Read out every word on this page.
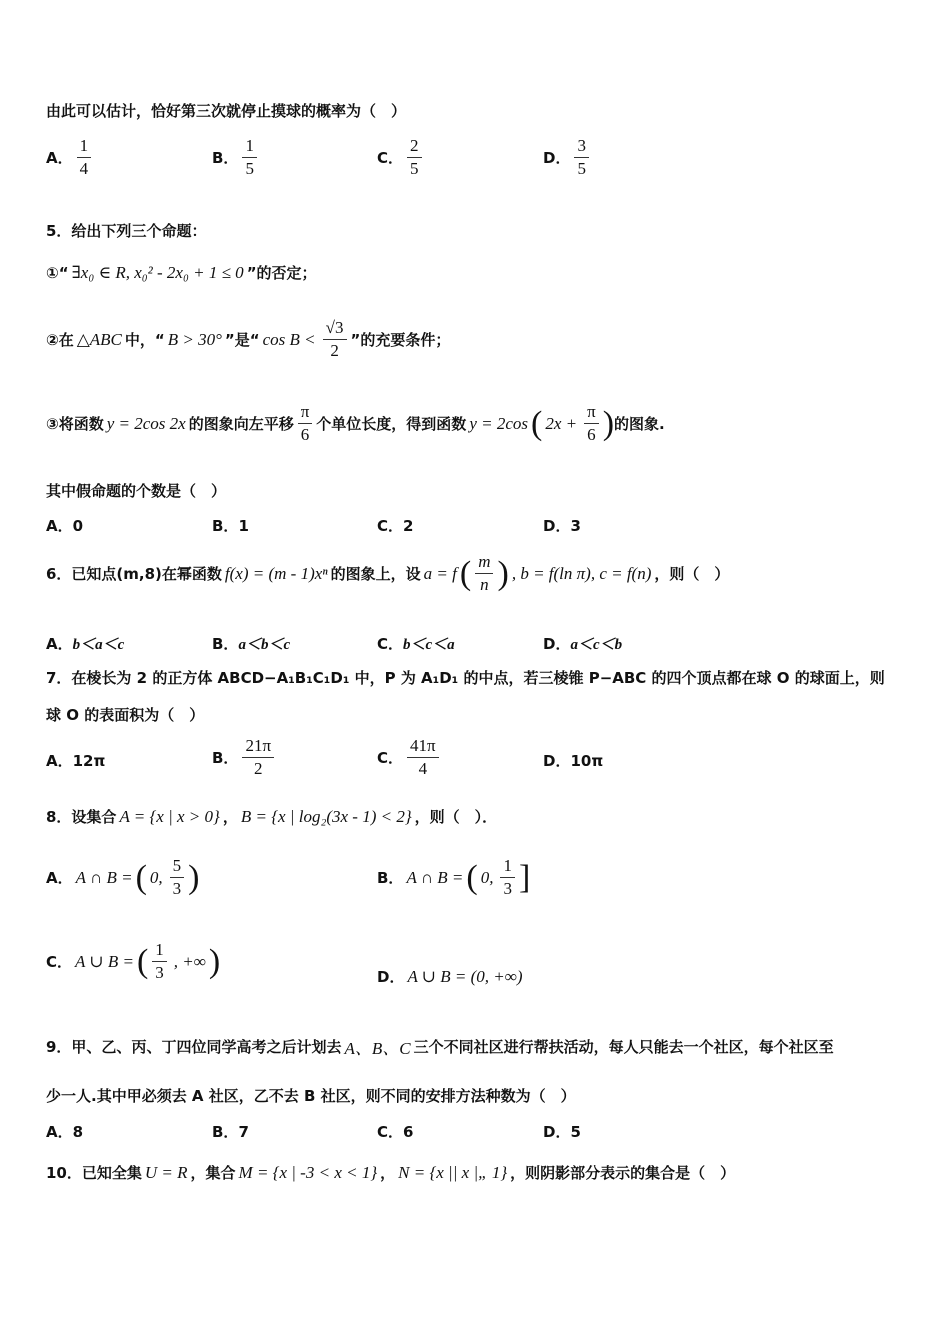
由此可以估计，恰好第三次就停止摸球的概率为（　）
A． $\frac{1}{4}$	B． $\frac{1}{5}$	C． $\frac{2}{5}$	D． $\frac{3}{5}$
5．给出下列三个命题：
①“ ∃x₀ ∈ R, x₀² - 2x₀ + 1 ≤ 0 ”的否定；
②在 △ABC 中，“ B > 30° ”是“ $\cos B < \frac{√3}{2}$ ”的充要条件；
③将函数 y = 2cos 2x 的图象向左平移 $\frac{\pi}{6}$ 个单位长度，得到函数 y = 2cos ( $2x + \frac{\pi}{6}$ ) 的图象.
其中假命题的个数是（　）
A． 0	B． 1	C． 2	D． 3
6．已知点(m,8)在幂函数 f(x) = (m - 1)xⁿ 的图象上，设 a = f ( $\frac{m}{n}$ ) , b = f(ln π), c = f(n) ，则（　）
A． b＜a＜c	B． a＜b＜c	C． b＜c＜a	D． a＜c＜b
7．在棱长为 2 的正方体 ABCD−A₁B₁C₁D₁ 中，P 为 A₁D₁ 的中点，若三棱锥 P−ABC 的四个顶点都在球 O 的球面上，则
球 O 的表面积为（　）
A． 12π	B． $\frac{21\pi}{2}$	C． $\frac{41\pi}{4}$	D． 10π
8．设集合 A = {x | x > 0} ， B = {x | log₂(3x - 1) < 2} ，则（　）．
A． A ∩ B = ( 0, $\frac{5}{3}$ )	B． A ∩ B = ( 0, $\frac{1}{3}$ ]
C． A ∪ B = ( $\frac{1}{3}$ , +∞ )	D． A ∪ B = (0, +∞)
9．甲、乙、丙、丁四位同学高考之后计划去 A、B、C 三个不同社区进行帮扶活动，每人只能去一个社区，每个社区至
少一人.其中甲必须去 A 社区，乙不去 B 社区，则不同的安排方法种数为（　）
A． 8	B． 7	C． 6	D． 5
10．已知全集 U = R ，集合 M = {x | -3 < x < 1} ， N = {x || x |„ 1} ，则阴影部分表示的集合是（　）
